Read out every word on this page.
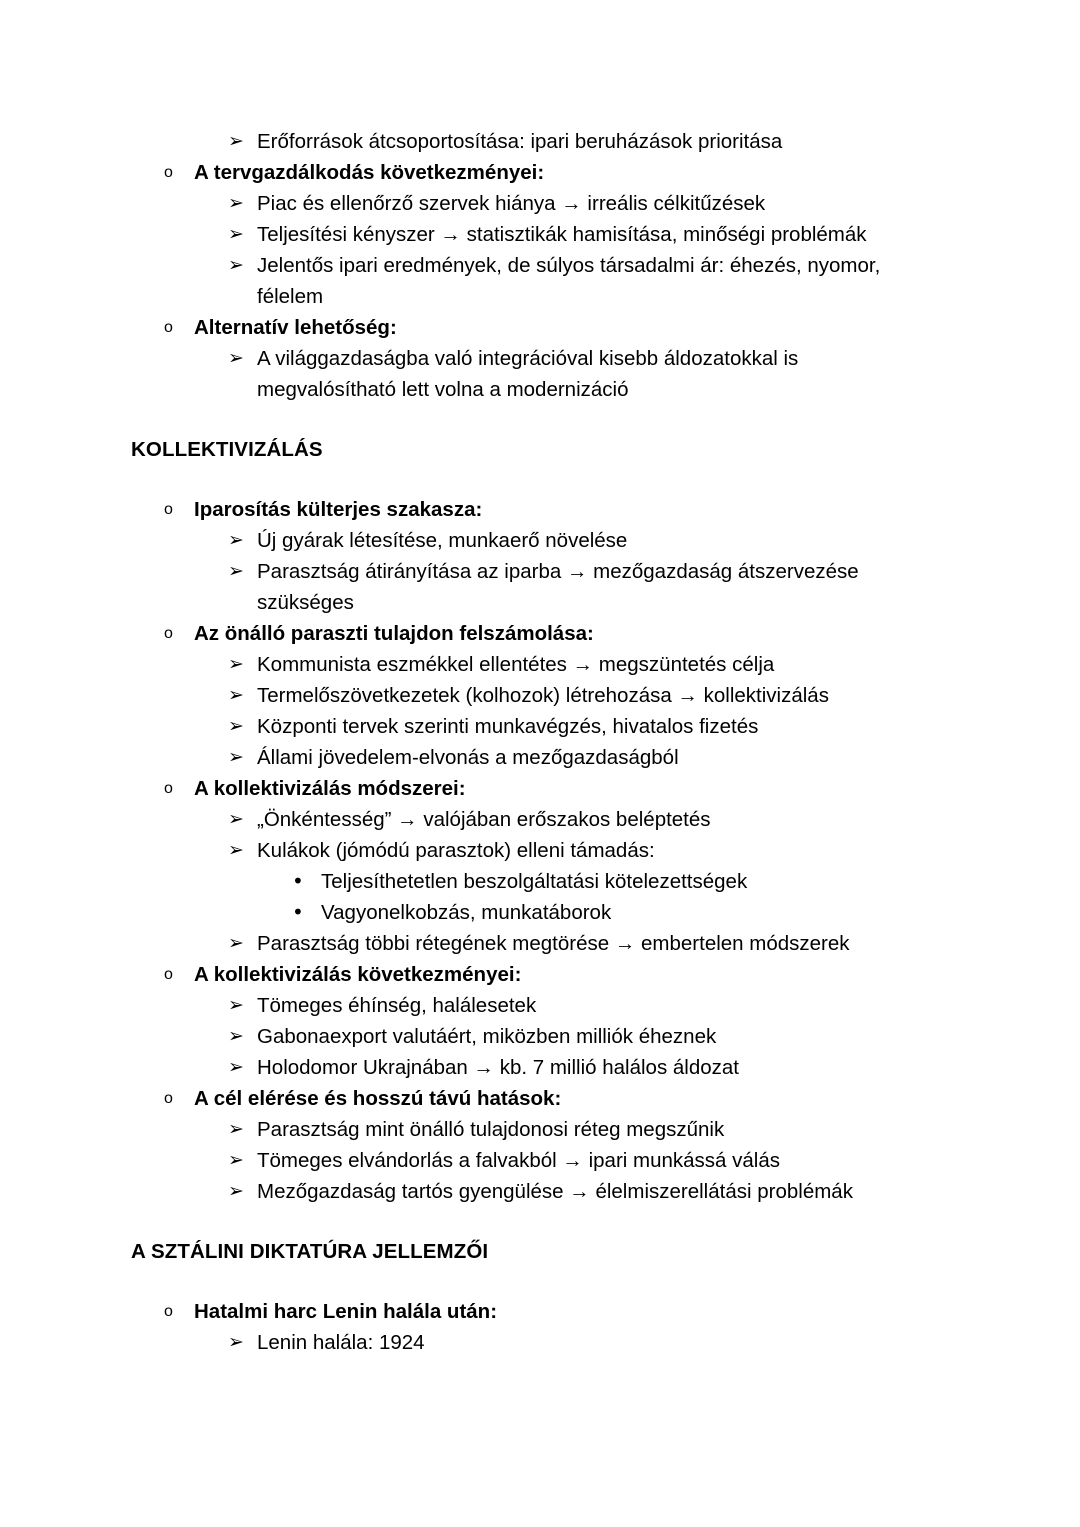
➢ Erőforrások átcsoportosítása: ipari beruházások prioritása
o	A tervgazdálkodás következményei:
➢ Piac és ellenőrző szervek hiánya → irreális célkitűzések
➢ Teljesítési kényszer → statisztikák hamisítása, minőségi problémák
➢ Jelentős ipari eredmények, de súlyos társadalmi ár: éhezés, nyomor, félelem
o	Alternatív lehetőség:
➢ A világgazdaságba való integrációval kisebb áldozatokkal is megvalósítható lett volna a modernizáció
KOLLEKTIVIZÁLÁS
o	Iparosítás külterjes szakasza:
➢ Új gyárak létesítése, munkaerő növelése
➢ Parasztság átirányítása az iparba → mezőgazdaság átszervezése szükséges
o	Az önálló paraszti tulajdon felszámolása:
➢ Kommunista eszmékkel ellentétes → megszüntetés célja
➢ Termelőszövetkezetek (kolhozok) létrehozása → kollektivizálás
➢ Központi tervek szerinti munkavégzés, hivatalos fizetés
➢ Állami jövedelem-elvonás a mezőgazdaságból
o	A kollektivizálás módszerei:
➢ „Önkéntesség” → valójában erőszakos beléptetés
➢ Kulákok (jómódú parasztok) elleni támadás:
• Teljesíthetetlen beszolgáltatási kötelezettségek
• Vagyonelkobzás, munkatáborok
➢ Parasztság többi rétegének megtörése → embertelen módszerek
o	A kollektivizálás következményei:
➢ Tömeges éhínség, halálesetek
➢ Gabonaexport valutáért, miközben milliók éheznek
➢ Holodomor Ukrajnában → kb. 7 millió halálos áldozat
o	A cél elérése és hosszú távú hatások:
➢ Parasztság mint önálló tulajdonosi réteg megszűnik
➢ Tömeges elvándorlás a falvakból → ipari munkássá válás
➢ Mezőgazdaság tartós gyengülése → élelmiszerellátási problémák
A SZTÁLINI DIKTATÚRA JELLEMZŐI
o	Hatalmi harc Lenin halála után:
➢ Lenin halála: 1924
